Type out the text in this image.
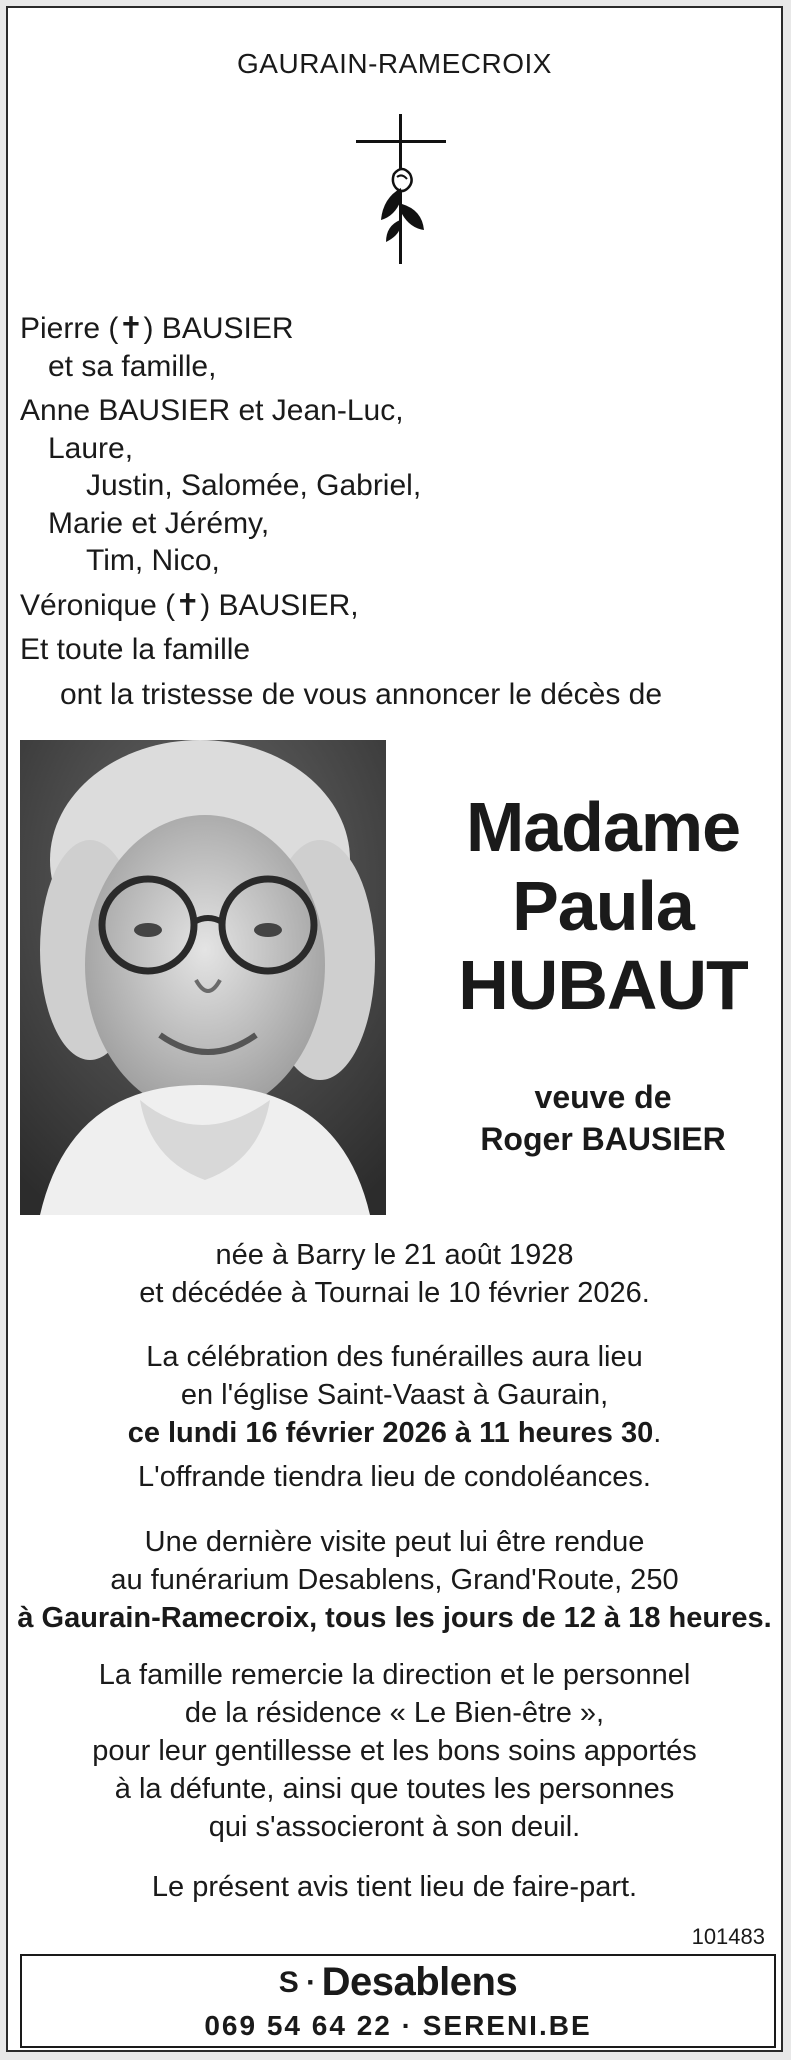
GAURAIN-RAMECROIX
Pierre (✝) BAUSIER
et sa famille,
Anne BAUSIER et Jean-Luc,
Laure,
Justin, Salomée, Gabriel,
Marie et Jérémy,
Tim, Nico,
Véronique (✝) BAUSIER,
Et toute la famille
ont la tristesse de vous annoncer le décès de
Madame
Paula
HUBAUT
veuve de
Roger BAUSIER
née à Barry le 21 août 1928
et décédée à Tournai le 10 février 2026.
La célébration des funérailles aura lieu
en l'église Saint-Vaast à Gaurain,
ce lundi 16 février 2026 à 11 heures 30.
L'offrande tiendra lieu de condoléances.
Une dernière visite peut lui être rendue
au funérarium Desablens, Grand'Route, 250
à Gaurain-Ramecroix, tous les jours de 12 à 18 heures.
La famille remercie la direction et le personnel
de la résidence « Le Bien-être »,
pour leur gentillesse et les bons soins apportés
à la défunte, ainsi que toutes les personnes
qui s'associeront à son deuil.
Le présent avis tient lieu de faire-part.
101483
S · Desablens
069 54 64 22 · SERENI.BE
